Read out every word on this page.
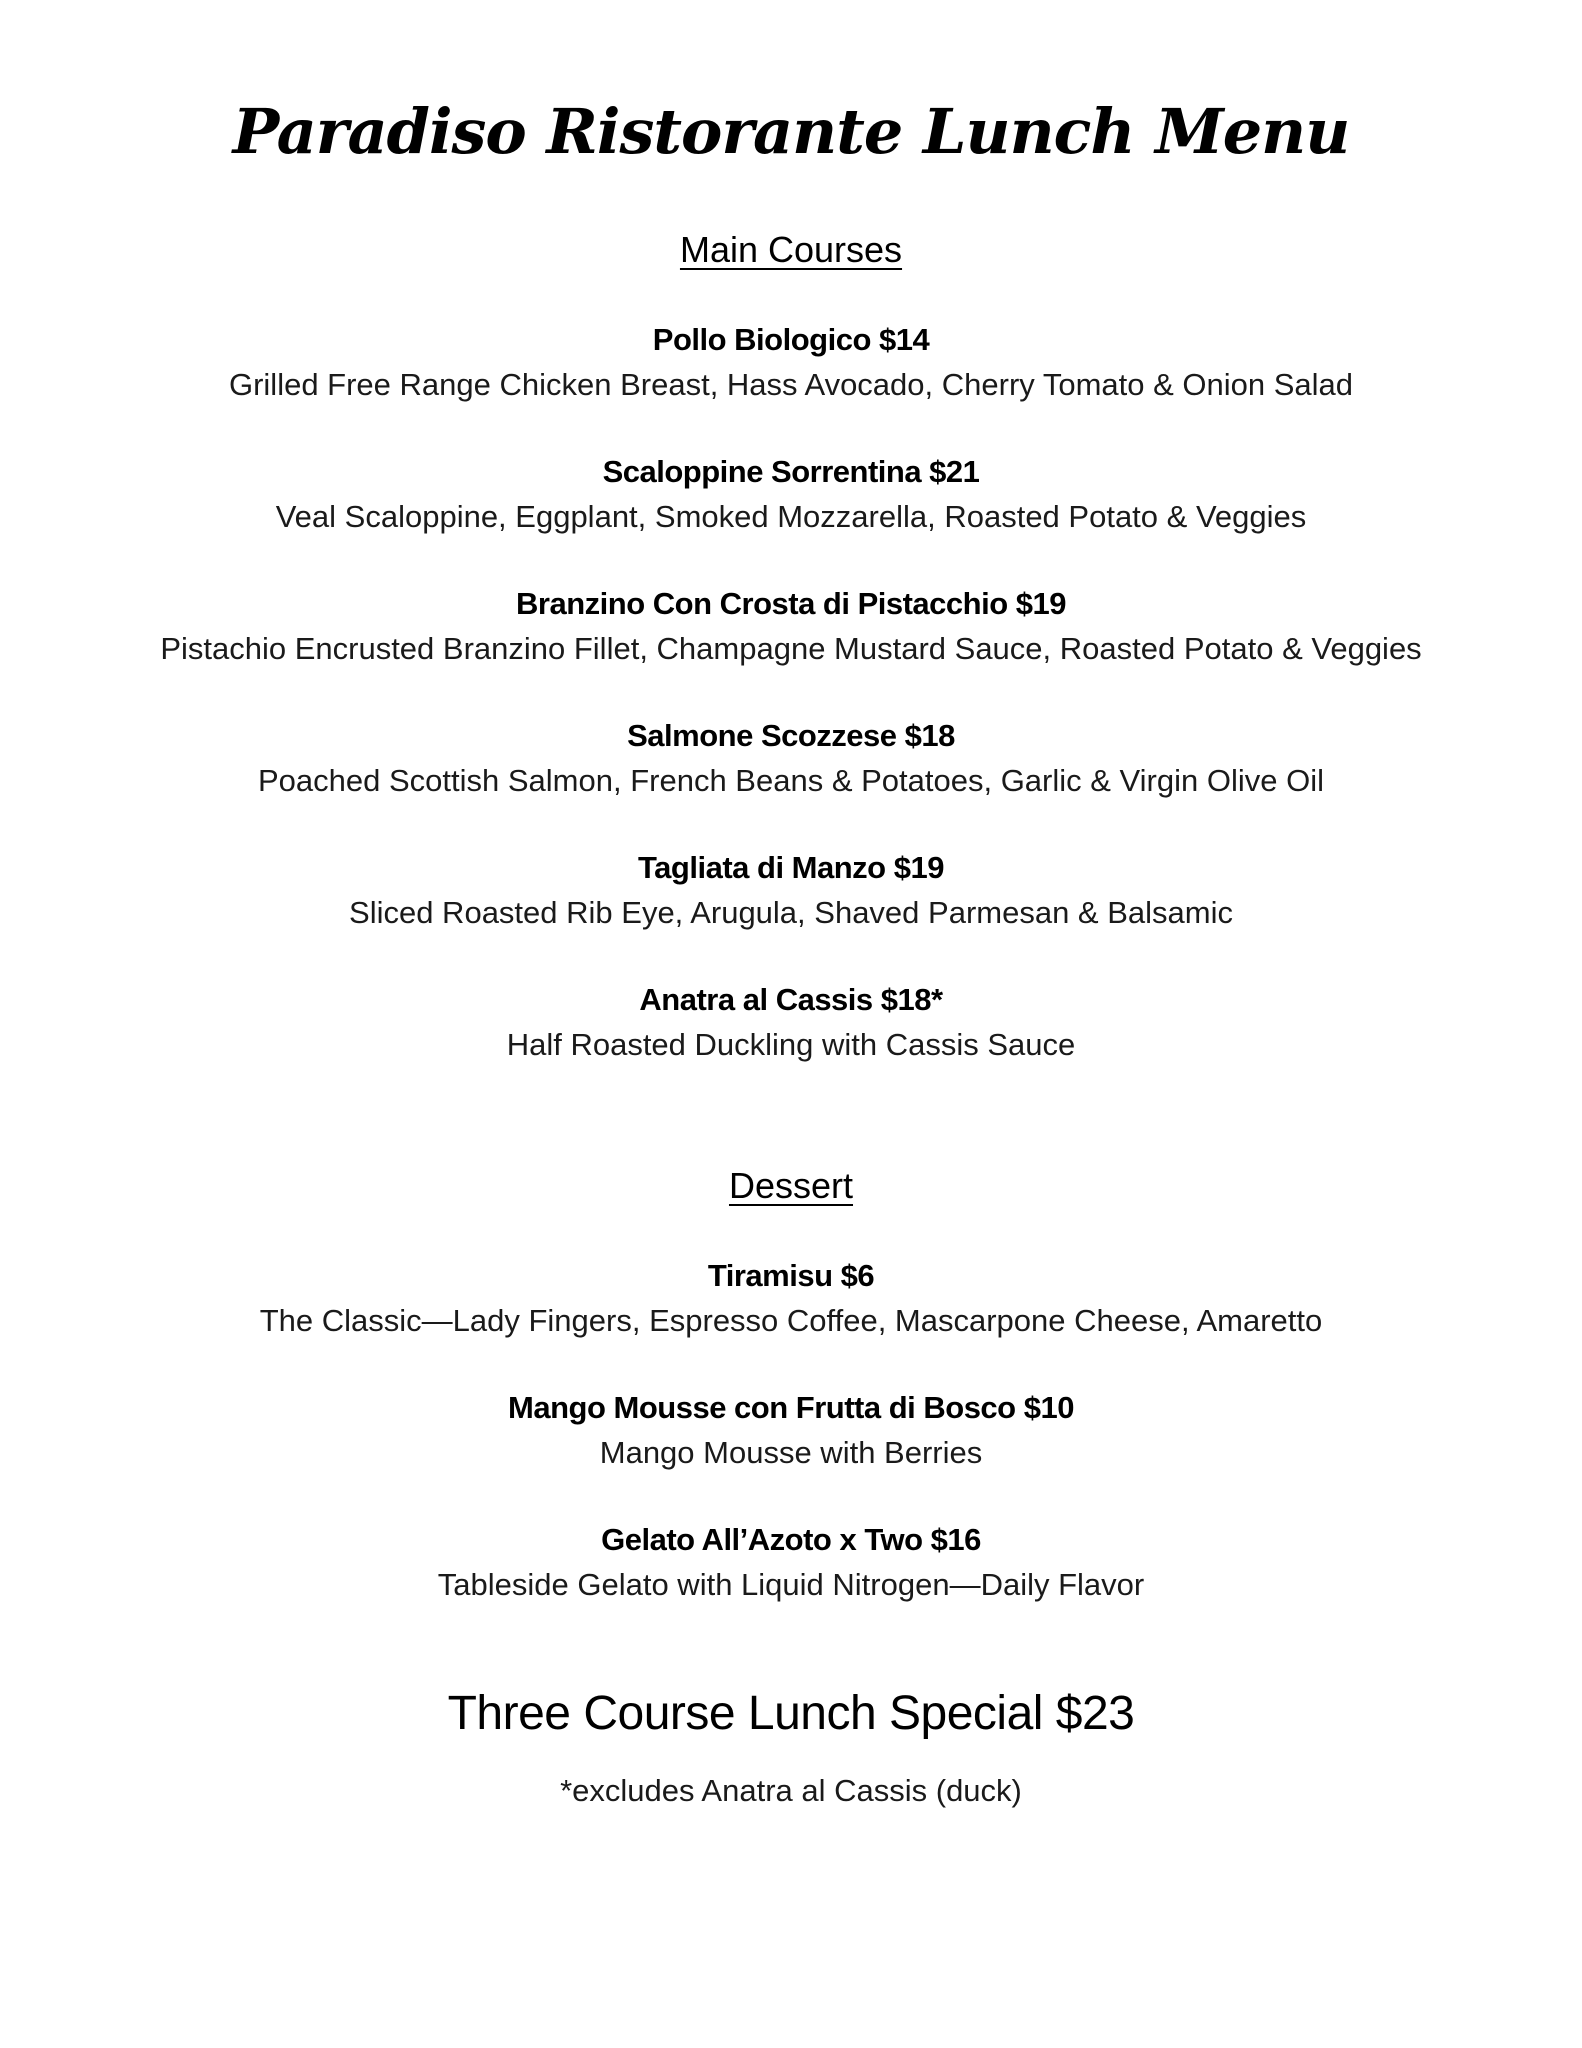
Paradiso Ristorante Lunch Menu
Main Courses
Pollo Biologico $14
Grilled Free Range Chicken Breast, Hass Avocado, Cherry Tomato & Onion Salad
Scaloppine Sorrentina $21
Veal Scaloppine, Eggplant, Smoked Mozzarella, Roasted Potato & Veggies
Branzino Con Crosta di Pistacchio $19
Pistachio Encrusted Branzino Fillet, Champagne Mustard Sauce, Roasted Potato & Veggies
Salmone Scozzese $18
Poached Scottish Salmon, French Beans & Potatoes, Garlic & Virgin Olive Oil
Tagliata di Manzo $19
Sliced Roasted Rib Eye, Arugula, Shaved Parmesan & Balsamic
Anatra al Cassis $18*
Half Roasted Duckling with Cassis Sauce
Dessert
Tiramisu $6
The Classic—Lady Fingers, Espresso Coffee, Mascarpone Cheese, Amaretto
Mango Mousse con Frutta di Bosco $10
Mango Mousse with Berries
Gelato All’Azoto x Two $16
Tableside Gelato with Liquid Nitrogen—Daily Flavor
Three Course Lunch Special $23
*excludes Anatra al Cassis (duck)
